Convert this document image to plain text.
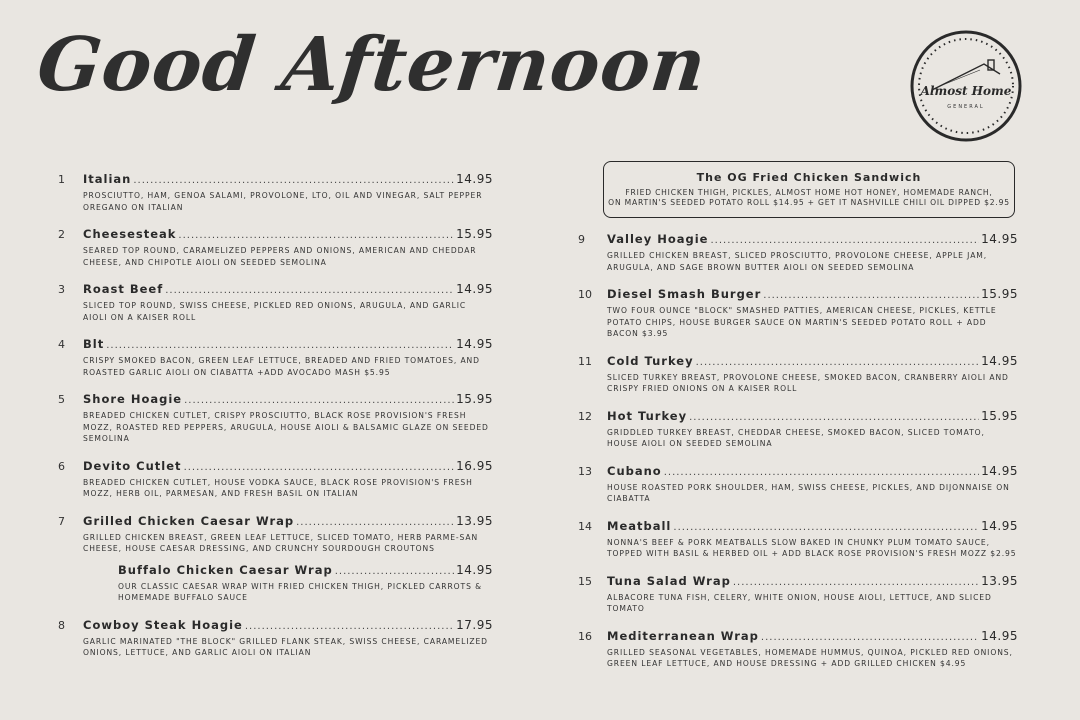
Good Afternoon	Almost Home
GENERAL
The OG Fried Chicken Sandwich
FRIED CHICKEN THIGH, PICKLES, ALMOST HOME HOT HONEY, HOMEMADE RANCH,
ON MARTIN'S SEEDED POTATO ROLL $14.95 + GET IT NASHVILLE CHILI OIL DIPPED $2.95
1	Italian .....	14.95
PROSCIUTTO, HAM, GENOA SALAMI, PROVOLONE, LTO, OIL AND VINEGAR, SALT PEPPER OREGANO ON ITALIAN
2	Cheesesteak .....	15.95
SEARED TOP ROUND, CARAMELIZED PEPPERS AND ONIONS, AMERICAN AND CHEDDAR CHEESE, AND CHIPOTLE AIOLI ON SEEDED SEMOLINA
3	Roast Beef .....	14.95
SLICED TOP ROUND, SWISS CHEESE, PICKLED RED ONIONS, ARUGULA, AND GARLIC AIOLI ON A KAISER ROLL
4	Blt .....	14.95
CRISPY SMOKED BACON, GREEN LEAF LETTUCE, BREADED AND FRIED TOMATOES, AND ROASTED GARLIC AIOLI ON CIABATTA +ADD AVOCADO MASH $5.95
5	Shore Hoagie .....	15.95
BREADED CHICKEN CUTLET, CRISPY PROSCIUTTO, BLACK ROSE PROVISION'S FRESH MOZZ, ROASTED RED PEPPERS, ARUGULA, HOUSE AIOLI & BALSAMIC GLAZE ON SEEDED SEMOLINA
6	Devito Cutlet .....	16.95
BREADED CHICKEN CUTLET, HOUSE VODKA SAUCE, BLACK ROSE PROVISION'S FRESH MOZZ, HERB OIL, PARMESAN, AND FRESH BASIL ON ITALIAN
7	Grilled Chicken Caesar Wrap .....	13.95
GRILLED CHICKEN BREAST, GREEN LEAF LETTUCE, SLICED TOMATO, HERB PARME-SAN CHEESE, HOUSE CAESAR DRESSING, AND CRUNCHY SOURDOUGH CROUTONS
Buffalo Chicken Caesar Wrap .....	14.95
OUR CLASSIC CAESAR WRAP WITH FRIED CHICKEN THIGH, PICKLED CARROTS & HOMEMADE BUFFALO SAUCE
8	Cowboy Steak Hoagie .....	17.95
GARLIC MARINATED "THE BLOCK" GRILLED FLANK STEAK, SWISS CHEESE, CARAMELIZED ONIONS, LETTUCE, AND GARLIC AIOLI ON ITALIAN
9	Valley Hoagie .....	14.95
GRILLED CHICKEN BREAST, SLICED PROSCIUTTO, PROVOLONE CHEESE, APPLE JAM, ARUGULA, AND SAGE BROWN BUTTER AIOLI ON SEEDED SEMOLINA
10	Diesel Smash Burger .....	15.95
TWO FOUR OUNCE "BLOCK" SMASHED PATTIES, AMERICAN CHEESE, PICKLES, KETTLE POTATO CHIPS, HOUSE BURGER SAUCE ON MARTIN'S SEEDED POTATO ROLL + ADD BACON $3.95
11	Cold Turkey .....	14.95
SLICED TURKEY BREAST, PROVOLONE CHEESE, SMOKED BACON, CRANBERRY AIOLI AND CRISPY FRIED ONIONS ON A KAISER ROLL
12	Hot Turkey .....	15.95
GRIDDLED TURKEY BREAST, CHEDDAR CHEESE, SMOKED BACON, SLICED TOMATO, HOUSE AIOLI ON SEEDED SEMOLINA
13	Cubano .....	14.95
HOUSE ROASTED PORK SHOULDER, HAM, SWISS CHEESE, PICKLES, AND DIJONNAISE ON CIABATTA
14	Meatball .....	14.95
NONNA'S BEEF & PORK MEATBALLS SLOW BAKED IN CHUNKY PLUM TOMATO SAUCE, TOPPED WITH BASIL & HERBED OIL + ADD BLACK ROSE PROVISION'S FRESH MOZZ $2.95
15	Tuna Salad Wrap .....	13.95
ALBACORE TUNA FISH, CELERY, WHITE ONION, HOUSE AIOLI, LETTUCE, AND SLICED TOMATO
16	Mediterranean Wrap .....	14.95
GRILLED SEASONAL VEGETABLES, HOMEMADE HUMMUS, QUINOA, PICKLED RED ONIONS, GREEN LEAF LETTUCE, AND HOUSE DRESSING + ADD GRILLED CHICKEN $4.95
